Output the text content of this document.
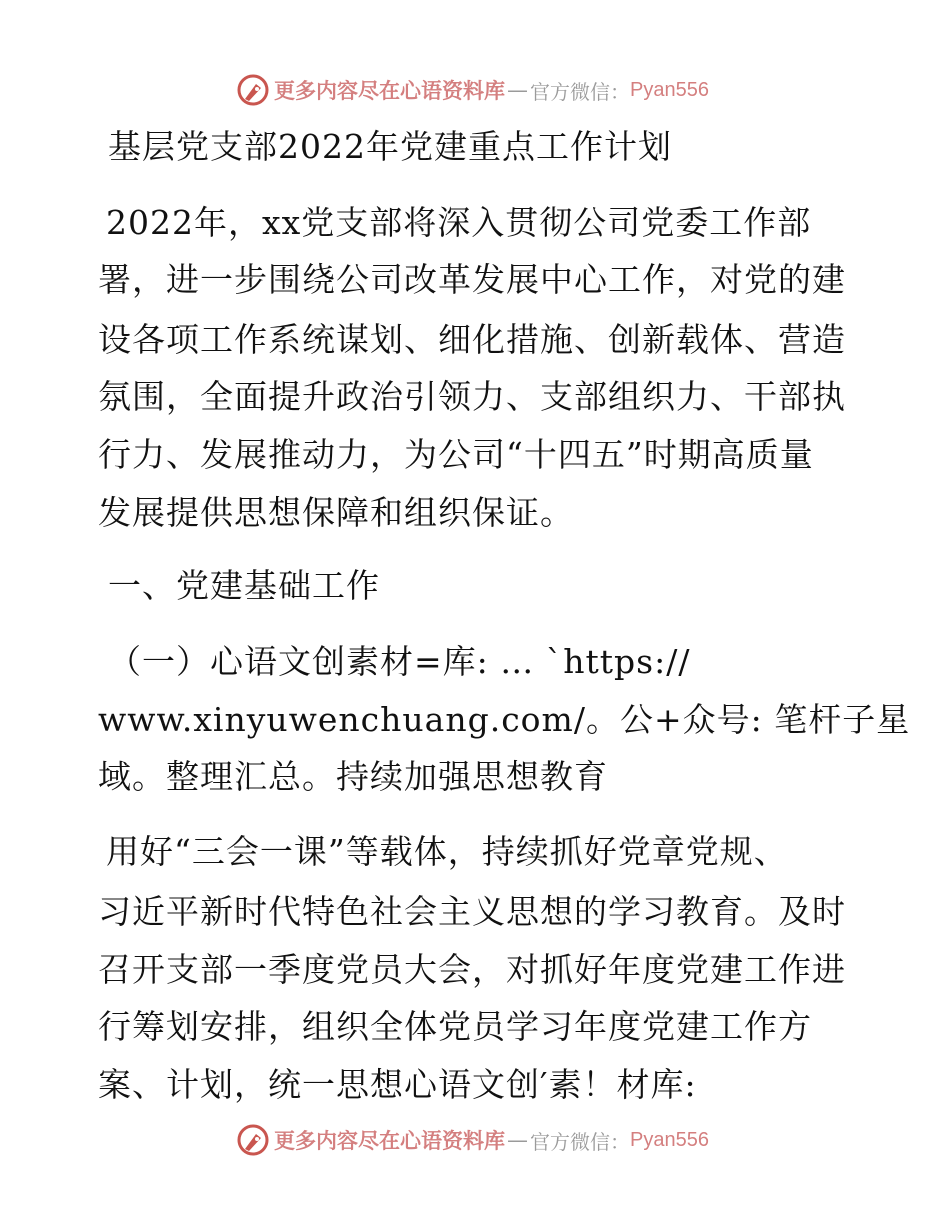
更多内容尽在心语资料库 — 官方微信： Pyan556
基层党支部2022年党建重点工作计划
2022年，xx党支部将深入贯彻公司党委工作部
署，进一步围绕公司改革发展中心工作，对党的建
设各项工作系统谋划、细化措施、创新载体、营造
氛围，全面提升政治引领力、支部组织力、干部执
行力、发展推动力，为公司“十四五”时期高质量
发展提供思想保障和组织保证。
一、党建基础工作
（一）心语文创素材=库: … `https://
www.xinyuwenchuang.com/。公+众号: 笔杆子星
域。整理汇总。持续加强思想教育
用好“三会一课”等载体，持续抓好党章党规、
习近平新时代特色社会主义思想的学习教育。及时
召开支部一季度党员大会，对抓好年度党建工作进
行筹划安排，组织全体党员学习年度党建工作方
案、计划，统一思想心语文创′素！材库:
更多内容尽在心语资料库 — 官方微信： Pyan556
